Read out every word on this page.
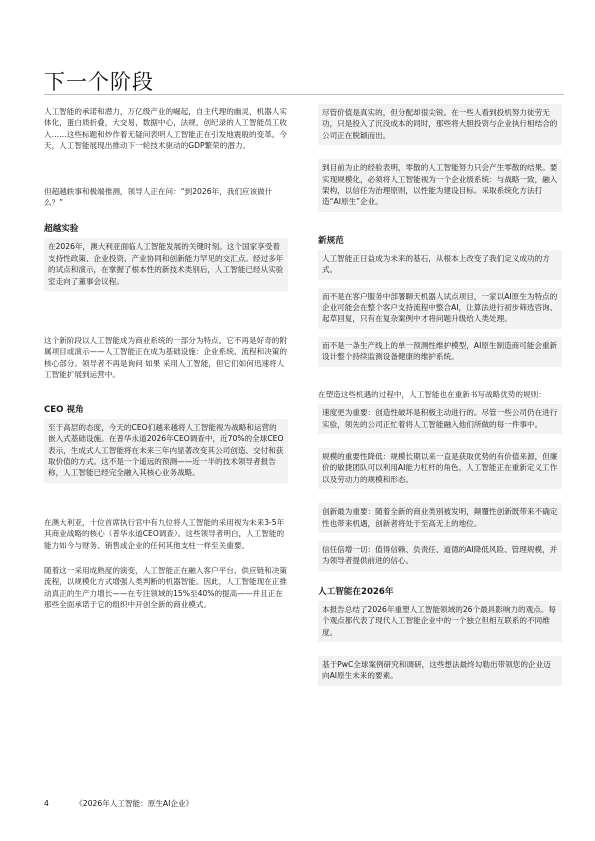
下一个阶段

人工智能的承诺和潜力，万亿级产业的崛起，自主代理的幽灵，机器人实体化，蛋白质折叠，大交易，数据中心，法规，创纪录的人工智能员工收入……这些标题和炒作着无疑问表明人工智能正在引发地震般的变革。今天，人工智能展现出推动下一轮技术驱动的GDP繁荣的潜力。

但超越轶事和极端推测，领导人正在问：“到2026年，我们应该做什么？”

超越实验

在2026年，澳大利亚面临人工智能发展的关键时刻。这个国家享受着支持性政策、企业投资、产业协同和创新能力罕见的交汇点。经过多年的试点和演示，在掌握了根本性的新技术类别后，人工智能已经从实验室走向了董事会议程。

这个新阶段以人工智能成为商业系统的一部分为特点。它不再是好奇的附属项目或演示——人工智能正在成为基础设施：企业系统、流程和决策的核心部分。领导者不再是询问 如果 采用人工智能，但它们如何迅速将人工智能扩展到运营中。

CEO 视角

至于高层的态度，今天的CEO们越来越将人工智能视为战略和运营的嵌入式基础设施。在普华永道2026年CEO调查中，近70%的全球CEO表示，生成式人工智能将在未来三年内显著改变其公司创造、交付和获取价值的方式。这不是一个遥远的预测——近一半的技术领导者报告称，人工智能已经完全融入其核心业务战略。

在澳大利亚，十位首席执行官中有九位将人工智能的采用视为未来3-5年其商业战略的核心（普华永道CEO调查）。这些领导者明白，人工智能的能力如今与财务、销售或企业的任何其他支柱一样至关重要。

随着这一采用成熟度的演变，人工智能正在融入客户平台、供应链和决策流程，以规模化方式增强人类判断的机器智能。因此，人工智能现在正推动真正的生产力增长——在专注领域的15%至40%的提高——并且正在那些全面承诺于它的组织中开创全新的商业模式。

尽管价值是真实的，但分配却很尖锐。在一些人看到投机努力徒劳无功，只是投入了沉没成本的同时，那些将大胆投资与企业执行相结合的公司正在脱颖而出。

到目前为止的经验表明，零散的人工智能努力只会产生零散的结果。要实现规模化，必须将人工智能视为一个企业级系统：与战略一致，融入架构，以信任为治理原则，以性能为建设目标。采取系统化方法打造“AI原生”企业。

新规范

人工智能正日益成为未来的基石，从根本上改变了我们定义成功的方式。

而不是在客户服务中部署聊天机器人试点项目，一家以AI原生为特点的企业可能会在整个客户支持流程中整合AI，让算法进行初步筛选咨询、起草回复，只有在复杂案例中才将问题升级给人类处理。

而不是一条生产线上的单一预测性维护模型，AI原生制造商可能会重新设计整个持续监测设备健康的维护系统。

在塑造这些机遇的过程中，人工智能也在重新书写战略优势的规则：

速度更为重要：创造性破坏是积极主动进行的。尽管一些公司仍在进行实验，领先的公司正忙着将人工智能融入他们所做的每一件事中。

规模的重要性降低：规模长期以来一直是获取优势的有价值来源，但廉价的敏捷团队可以利用AI能力杠杆的角色。人工智能正在重新定义工作以及劳动力的规模和形态。

创新最为重要：随着全新的商业类别被发明，颠覆性创新既带来不确定性也带来机遇，创新者将处于至高无上的地位。

信任倍增一切：值得信赖、负责任、道德的AI降低风险、管理规模，并为领导者提供前进的信心。

人工智能在2026年

本报告总结了2026年重塑人工智能领域的26个最具影响力的观点。每个观点都代表了现代人工智能企业中的一个独立但相互联系的不同维度。

基于PwC全球案例研究和调研，这些想法最终勾勒出带领您的企业迈向AI原生未来的要素。

4	《2026年人工智能：原生AI企业》
